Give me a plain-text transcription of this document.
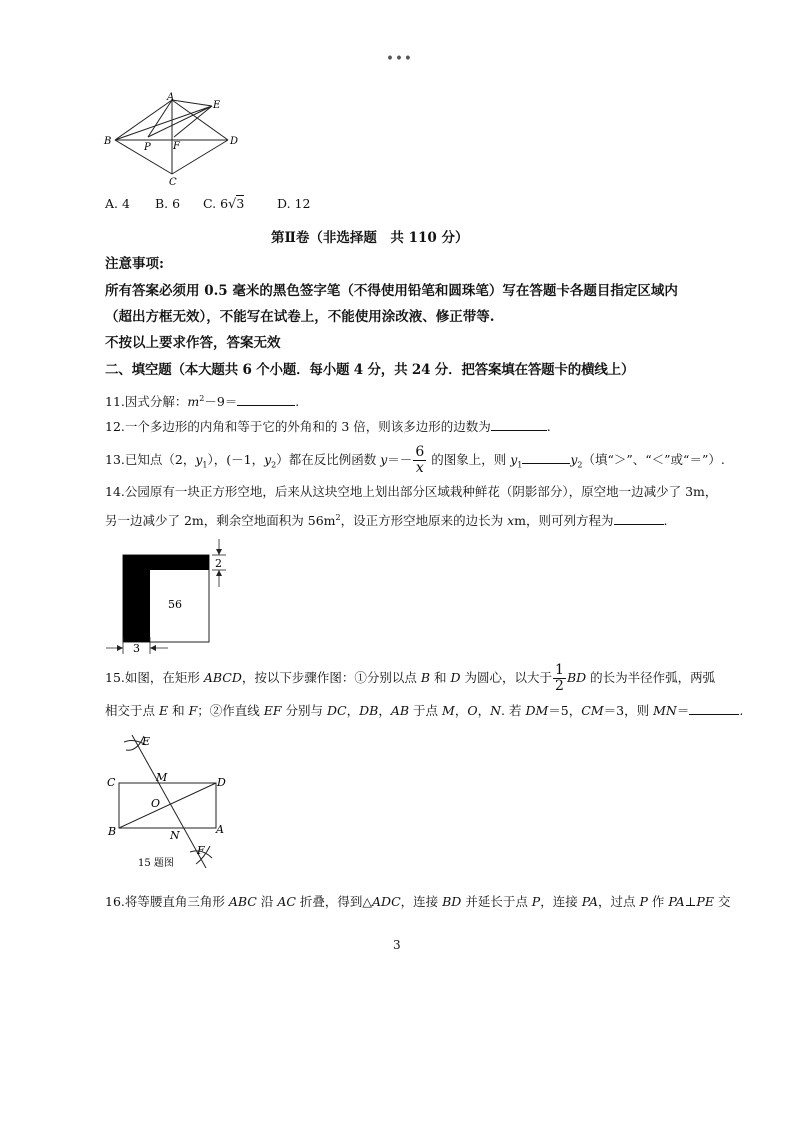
•••
A
E
B
P F	D
C
A. 4 B. 6 C. 6√3	D. 12
第Ⅱ卷（非选择题　共 110 分）
注意事项:
所有答案必须用 0.5 毫米的黑色签字笔（不得使用铅笔和圆珠笔）写在答题卡各题目指定区域内
（超出方框无效），不能写在试卷上，不能使用涂改液、修正带等.
不按以上要求作答，答案无效
二、填空题（本大题共 6 个小题．每小题 4 分，共 24 分．把答案填在答题卡的横线上）
11.因式分解：$m^2-9=$	.
12.一个多边形的内角和等于它的外角和的 3 倍，则该多边形的边数为	.
13.已知点（2，$y_1$），(－1，$y_2$）都在反比例函数 $y=- \frac{6}{x}$ 的图象上，则 $y_1$	$y_2$（填“＞”、“＜”或“＝”）.
14.公园原有一块正方形空地，后来从这块空地上划出部分区域栽种鲜花（阴影部分），原空地一边减少了 3m，
另一边减少了 2m，剩余空地面积为 $56m^2$，设正方形空地原来的边长为 xm，则可列方程为	.
2
56
3
15.如图，在矩形 ABCD，按以下步骤作图：①分别以点 B 和 D 为圆心，以大于 $\frac{1}{2}$ BD 的长为半径作弧，两弧
相交于点 E 和 F；②作直线 EF 分别与 DC，DB，AB 于点 M，O，N. 若 DM＝5，CM＝3，则 MN＝	.
E
C	M	D
O
B	N	A
F
15 题图
16.将等腰直角三角形 ABC 沿 AC 折叠，得到△ADC，连接 BD 并延长于点 P，连接 PA，过点 P 作 PA⊥PE 交
3
